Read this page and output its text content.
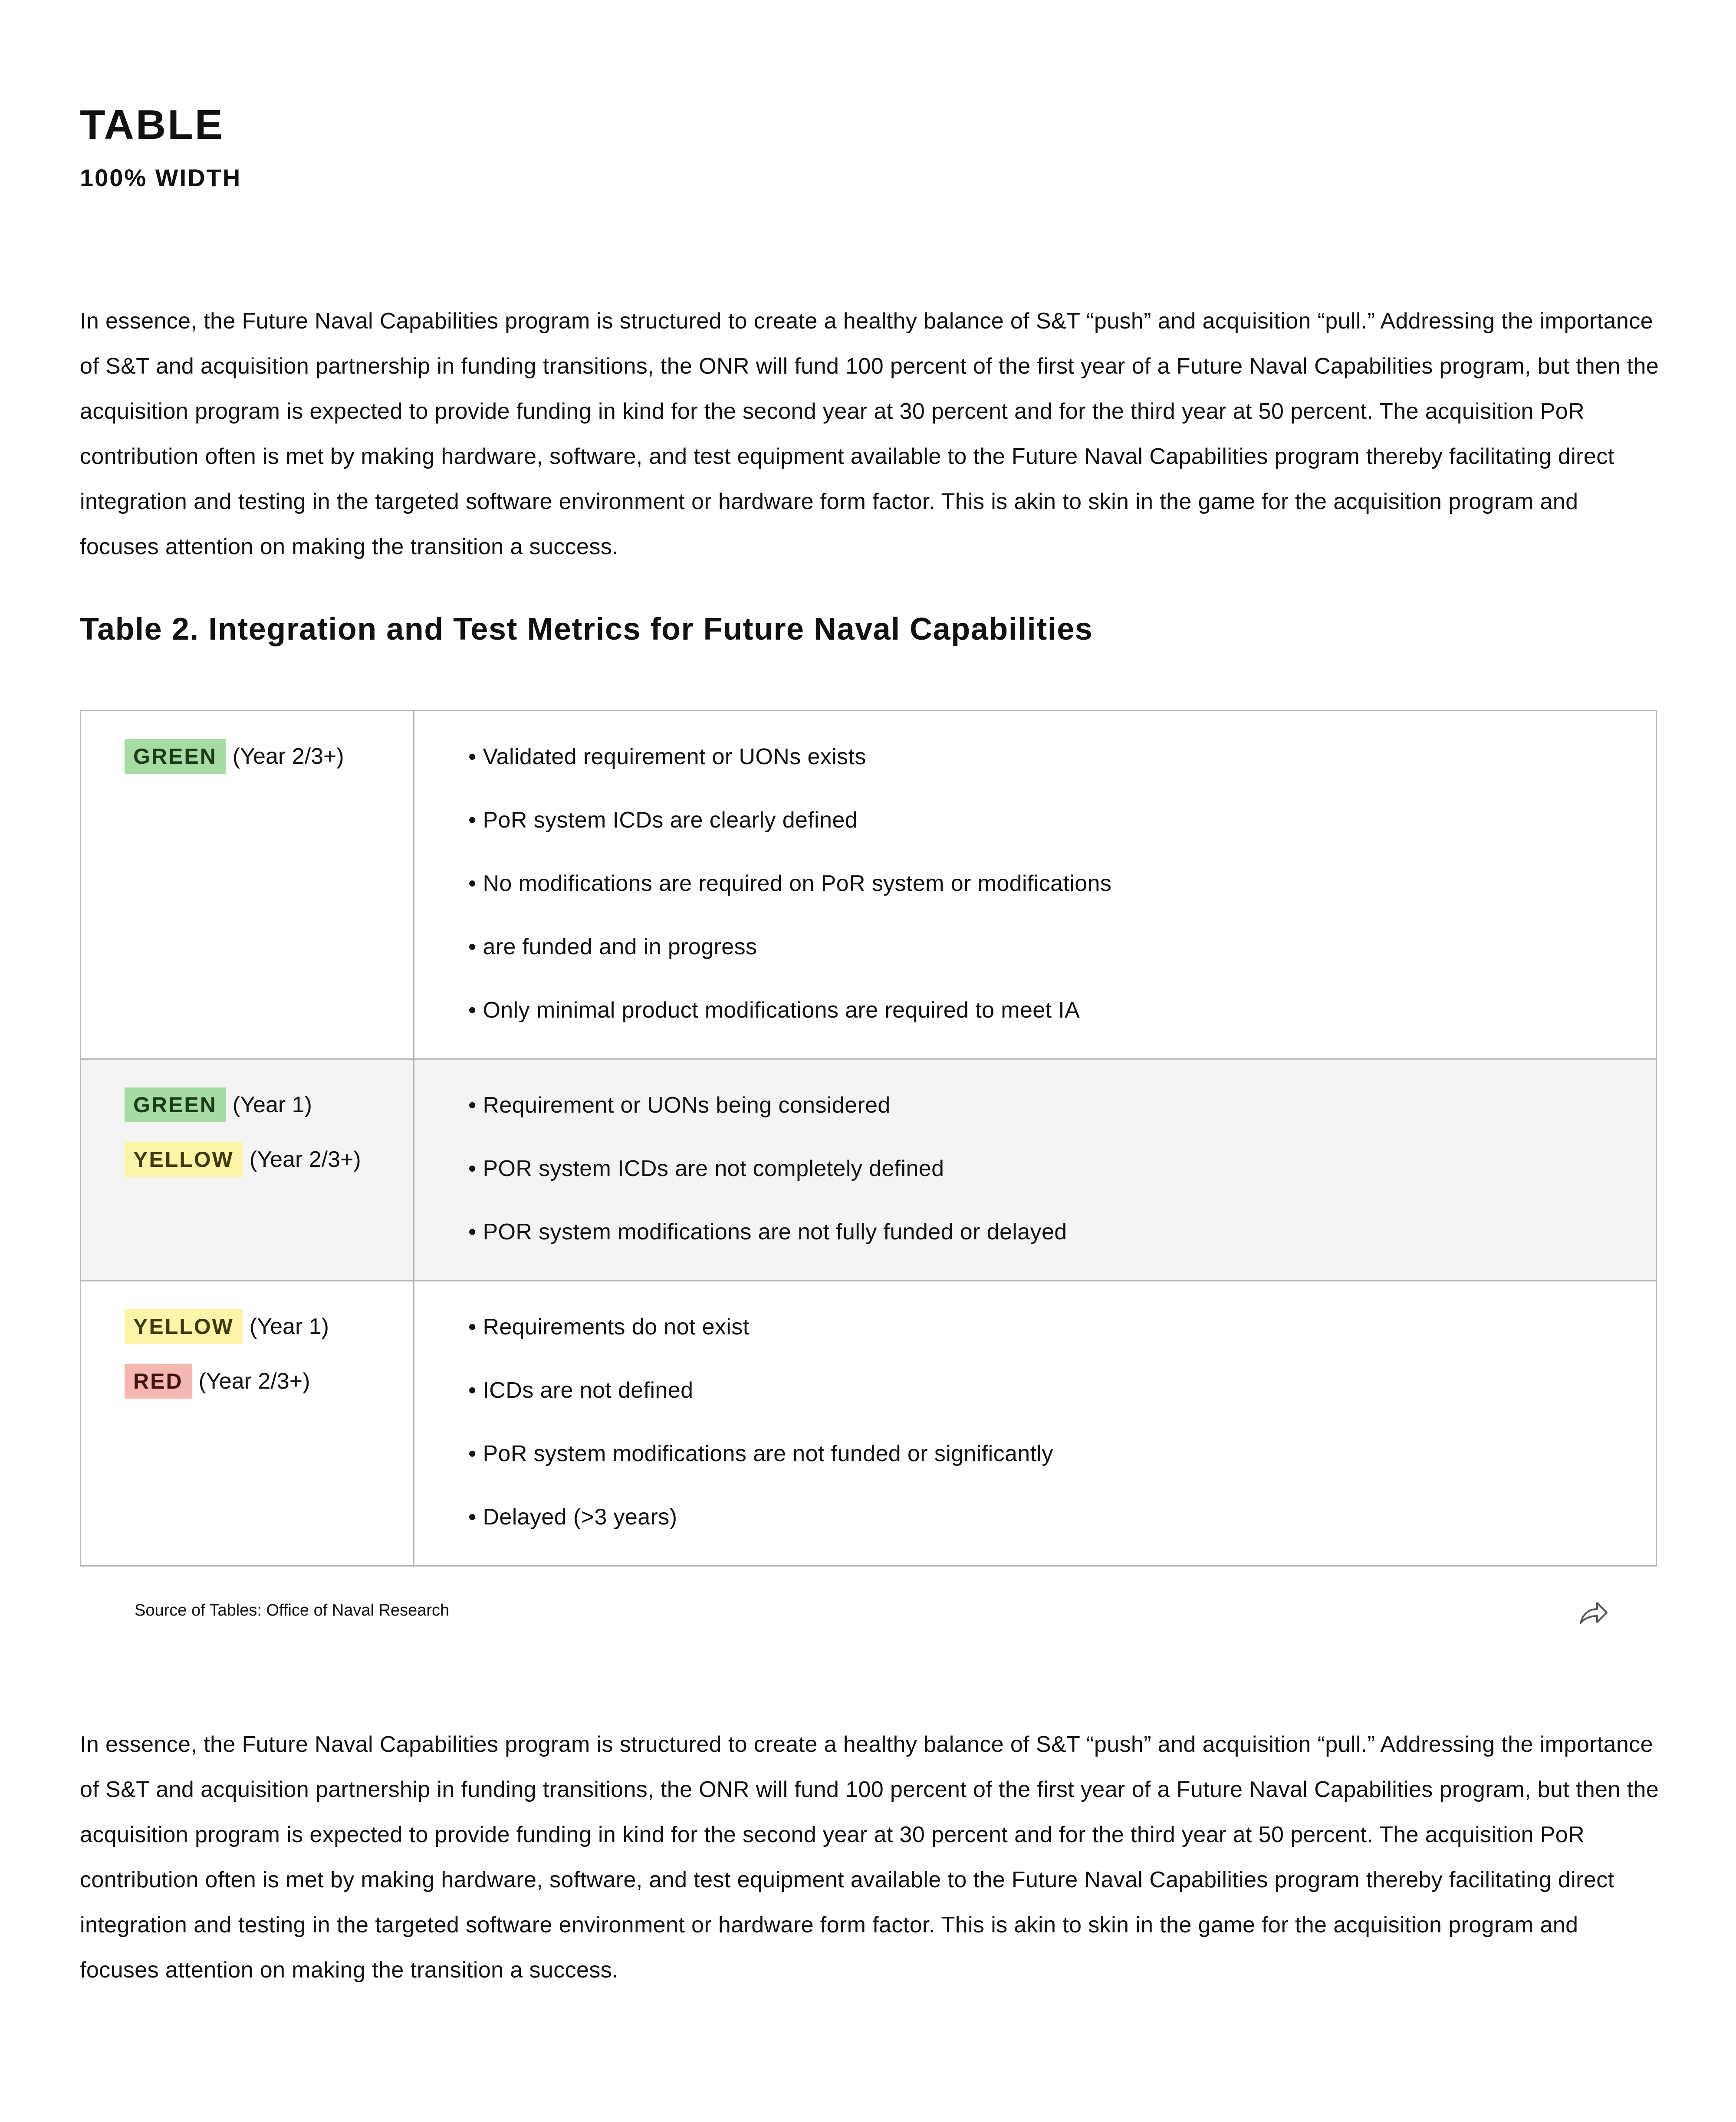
TABLE
100% WIDTH

In essence, the Future Naval Capabilities program is structured to create a healthy balance of S&T “push” and acquisition “pull.” Addressing the importance of S&T and acquisition partnership in funding transitions, the ONR will fund 100 percent of the first year of a Future Naval Capabilities program, but then the acquisition program is expected to provide funding in kind for the second year at 30 percent and for the third year at 50 percent. The acquisition PoR contribution often is met by making hardware, software, and test equipment available to the Future Naval Capabilities program thereby facilitating direct integration and testing in the targeted software environment or hardware form factor. This is akin to skin in the game for the acquisition program and focuses attention on making the transition a success.

Table 2. Integration and Test Metrics for Future Naval Capabilities
GREEN (Year 2/3+)	• Validated requirement or UONs exists
• PoR system ICDs are clearly defined
• No modifications are required on PoR system or modifications
• are funded and in progress
• Only minimal product modifications are required to meet IA

GREEN (Year 1)
YELLOW (Year 2/3+)	• Requirement or UONs being considered
• POR system ICDs are not completely defined
• POR system modifications are not fully funded or delayed

YELLOW (Year 1)
RED (Year 2/3+)	• Requirements do not exist
• ICDs are not defined
• PoR system modifications are not funded or significantly
• Delayed (>3 years)

Source of Tables: Office of Naval Research

In essence, the Future Naval Capabilities program is structured to create a healthy balance of S&T “push” and acquisition “pull.” Addressing the importance of S&T and acquisition partnership in funding transitions, the ONR will fund 100 percent of the first year of a Future Naval Capabilities program, but then the acquisition program is expected to provide funding in kind for the second year at 30 percent and for the third year at 50 percent. The acquisition PoR contribution often is met by making hardware, software, and test equipment available to the Future Naval Capabilities program thereby facilitating direct integration and testing in the targeted software environment or hardware form factor. This is akin to skin in the game for the acquisition program and focuses attention on making the transition a success.
